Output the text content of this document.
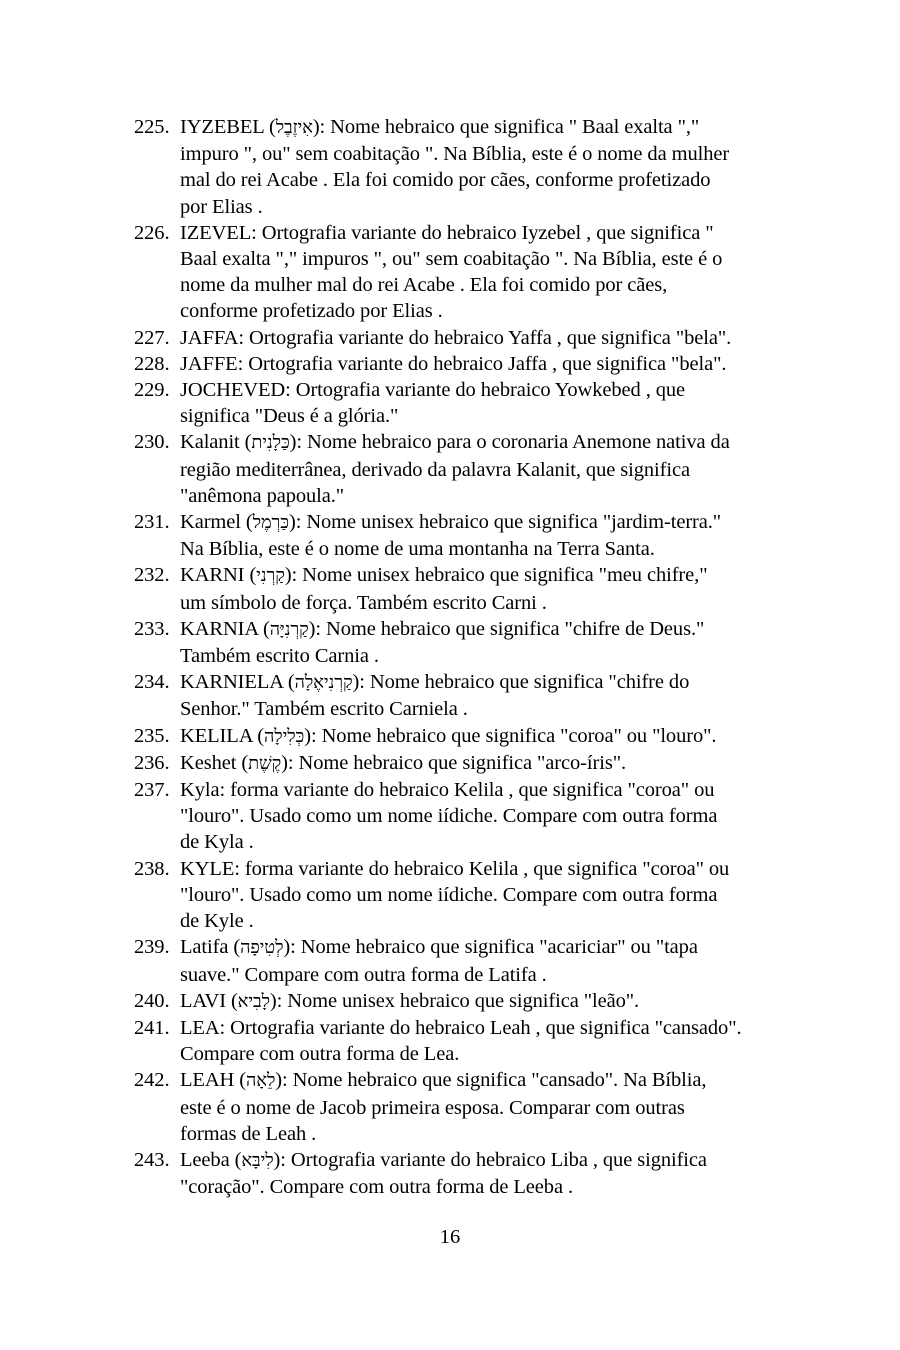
225. IYZEBEL (אִיזֶבֶל): Nome hebraico que significa " Baal exalta ","
impuro ", ou" sem coabitação ". Na Bíblia, este é o nome da mulher
mal do rei Acabe . Ela foi comido por cães, conforme profetizado
por Elias .
226. IZEVEL: Ortografia variante do hebraico Iyzebel , que significa "
Baal exalta "," impuros ", ou" sem coabitação ". Na Bíblia, este é o
nome da mulher mal do rei Acabe . Ela foi comido por cães,
conforme profetizado por Elias .
227. JAFFA: Ortografia variante do hebraico Yaffa , que significa "bela".
228. JAFFE: Ortografia variante do hebraico Jaffa , que significa "bela".
229. JOCHEVED: Ortografia variante do hebraico Yowkebed , que
significa "Deus é a glória."
230. Kalanit (כַּלָנִית): Nome hebraico para o coronaria Anemone nativa da
região mediterrânea, derivado da palavra Kalanit, que significa
"anêmona papoula."
231. Karmel (כַּרְמֶל): Nome unisex hebraico que significa "jardim-terra."
Na Bíblia, este é o nome de uma montanha na Terra Santa.
232. KARNI (קַרְנִי): Nome unisex hebraico que significa "meu chifre,"
um símbolo de força. Também escrito Carni .
233. KARNIA (קַרְנִיָּה): Nome hebraico que significa "chifre de Deus."
Também escrito Carnia .
234. KARNIELA (קַרְנִיאֶלָה): Nome hebraico que significa "chifre do
Senhor." Também escrito Carniela .
235. KELILA (כְּלִילָה): Nome hebraico que significa "coroa" ou "louro".
236. Keshet (קֶשֶׁת): Nome hebraico que significa "arco-íris".
237. Kyla: forma variante do hebraico Kelila , que significa "coroa" ou
"louro". Usado como um nome iídiche. Compare com outra forma
de Kyla .
238. KYLE: forma variante do hebraico Kelila , que significa "coroa" ou
"louro". Usado como um nome iídiche. Compare com outra forma
de Kyle .
239. Latifa (לְטִיפָה): Nome hebraico que significa "acariciar" ou "tapa
suave." Compare com outra forma de Latifa .
240. LAVI (לָבִיא): Nome unisex hebraico que significa "leão".
241. LEA: Ortografia variante do hebraico Leah , que significa "cansado".
Compare com outra forma de Lea.
242. LEAH (לֵאָה): Nome hebraico que significa "cansado". Na Bíblia,
este é o nome de Jacob primeira esposa. Comparar com outras
formas de Leah .
243. Leeba (לִיבָּא): Ortografia variante do hebraico Liba , que significa
"coração". Compare com outra forma de Leeba .
16
